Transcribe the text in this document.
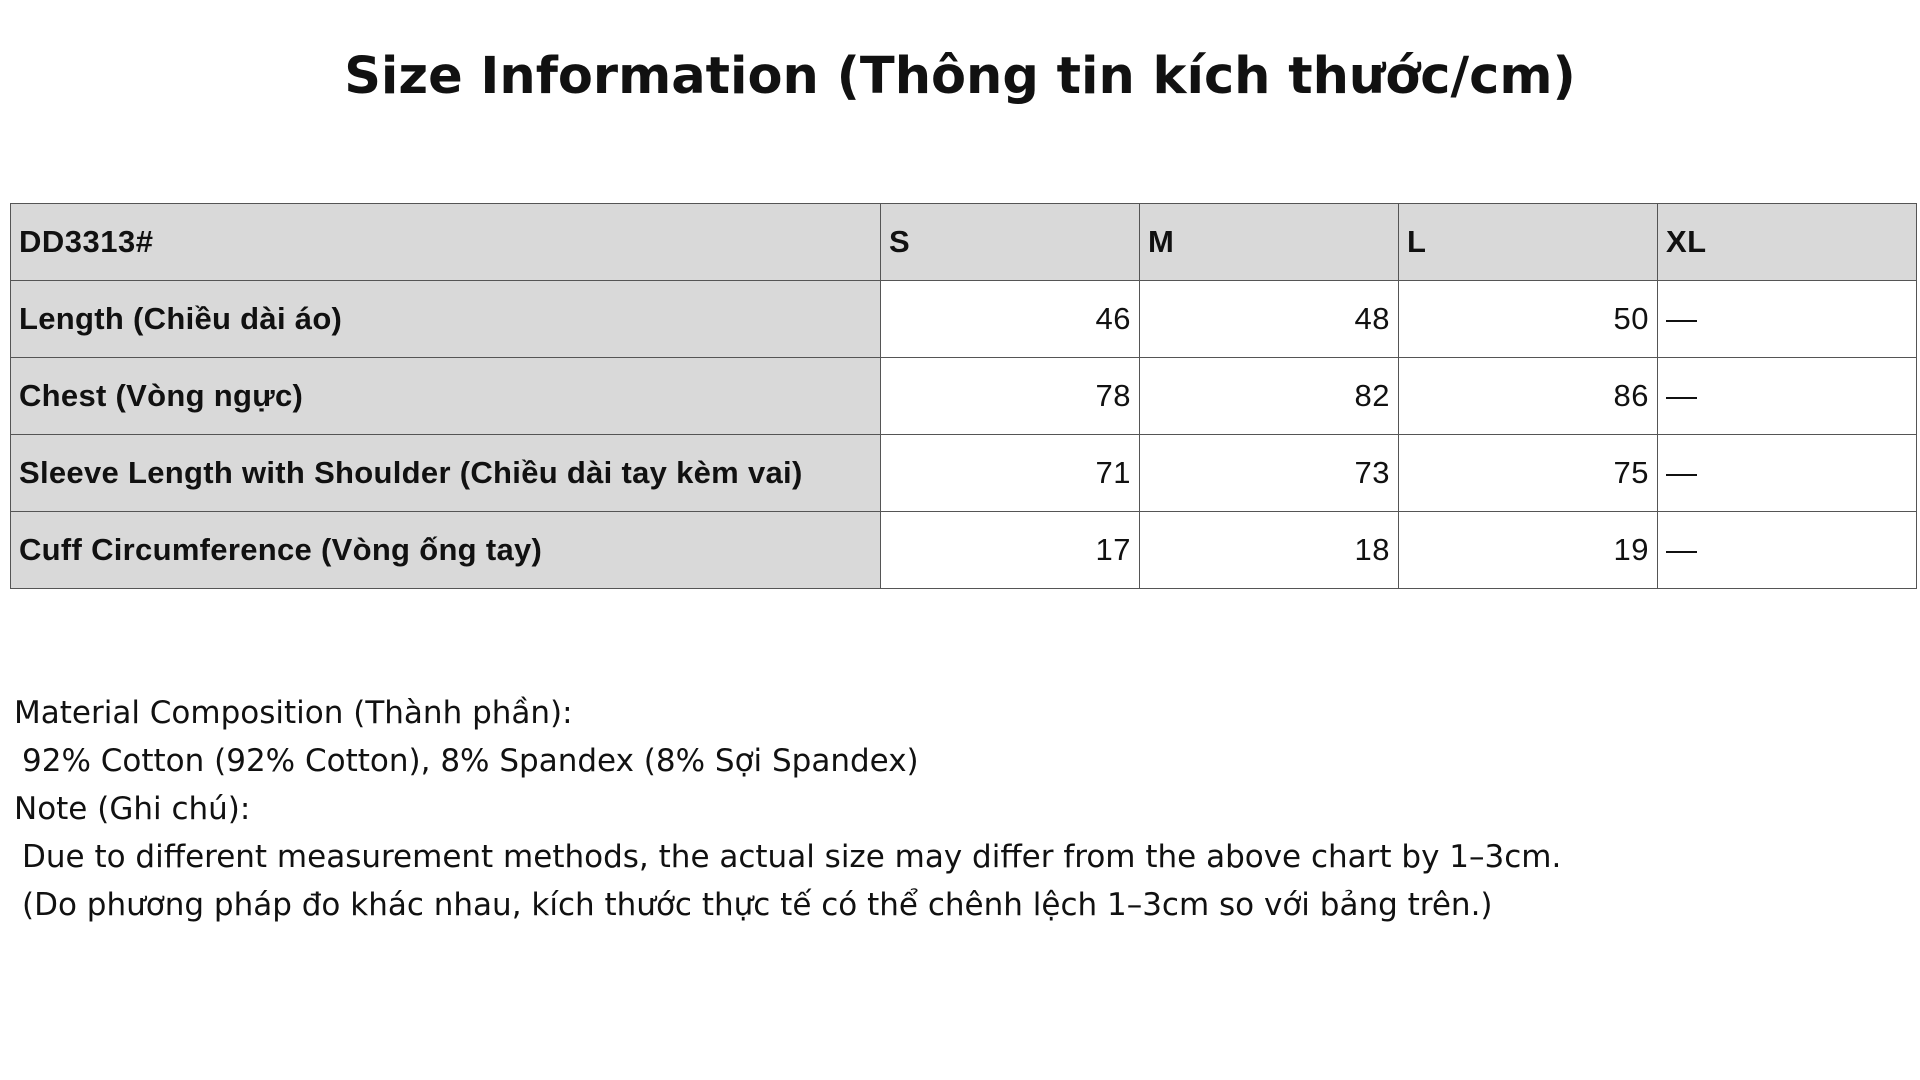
Size Information (Thông tin kích thước/cm)
DD3313#	S	M	L	XL
Length (Chiều dài áo)	46	48	50	—
Chest (Vòng ngực)	78	82	86	—
Sleeve Length with Shoulder (Chiều dài tay kèm vai)	71	73	75	—
Cuff Circumference (Vòng ống tay)	17	18	19	—
Material Composition (Thành phần):
92% Cotton (92% Cotton), 8% Spandex (8% Sợi Spandex)
Note (Ghi chú):
Due to different measurement methods, the actual size may differ from the above chart by 1–3cm.
(Do phương pháp đo khác nhau, kích thước thực tế có thể chênh lệch 1–3cm so với bảng trên.)
